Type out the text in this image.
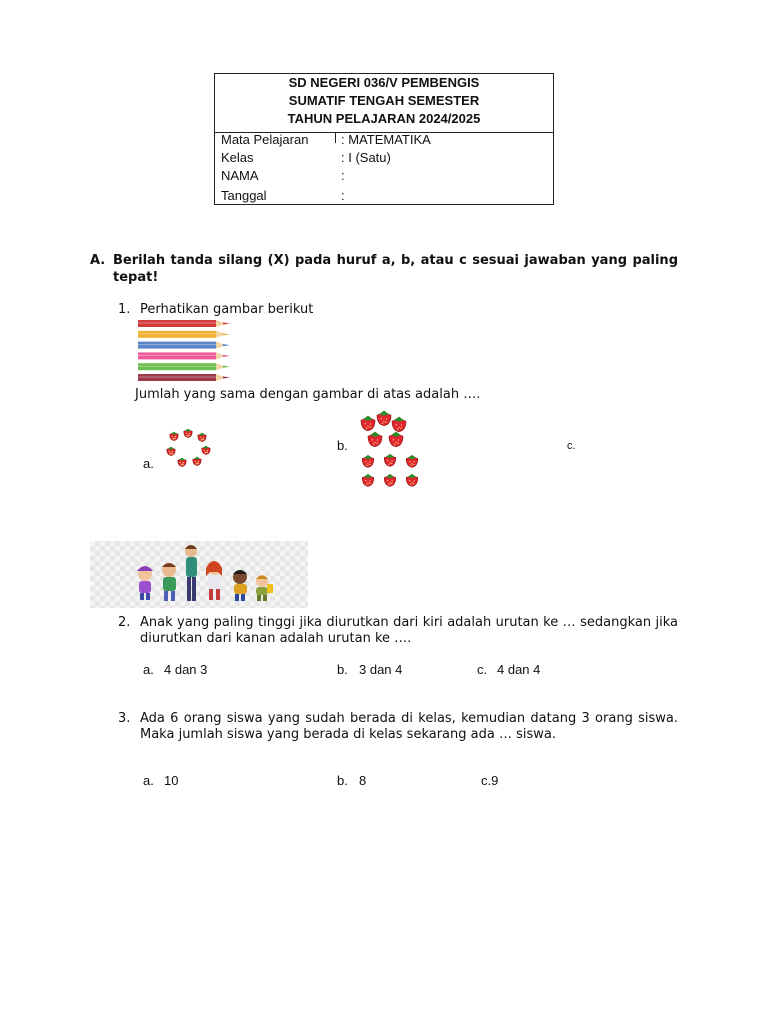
SD NEGERI 036/V PEMBENGIS
SUMATIF TENGAH SEMESTER
TAHUN PELAJARAN 2024/2025
Mata Pelajaran	: MATEMATIKA
Kelas	: I (Satu)
NAMA	:
Tanggal	:
A. Berilah tanda silang (X) pada huruf a, b, atau c sesuai jawaban yang paling tepat!
1. Perhatikan gambar berikut
Jumlah yang sama dengan gambar di atas adalah ….
a.
b.	c.
2. Anak yang paling tinggi jika diurutkan dari kiri adalah urutan ke … sedangkan jika diurutkan dari kanan adalah urutan ke ….
a. 4 dan 3	b. 3 dan 4	c. 4 dan 4
3. Ada 6 orang siswa yang sudah berada di kelas, kemudian datang 3 orang siswa. Maka jumlah siswa yang berada di kelas sekarang ada … siswa.
a. 10	b. 8	c.9
